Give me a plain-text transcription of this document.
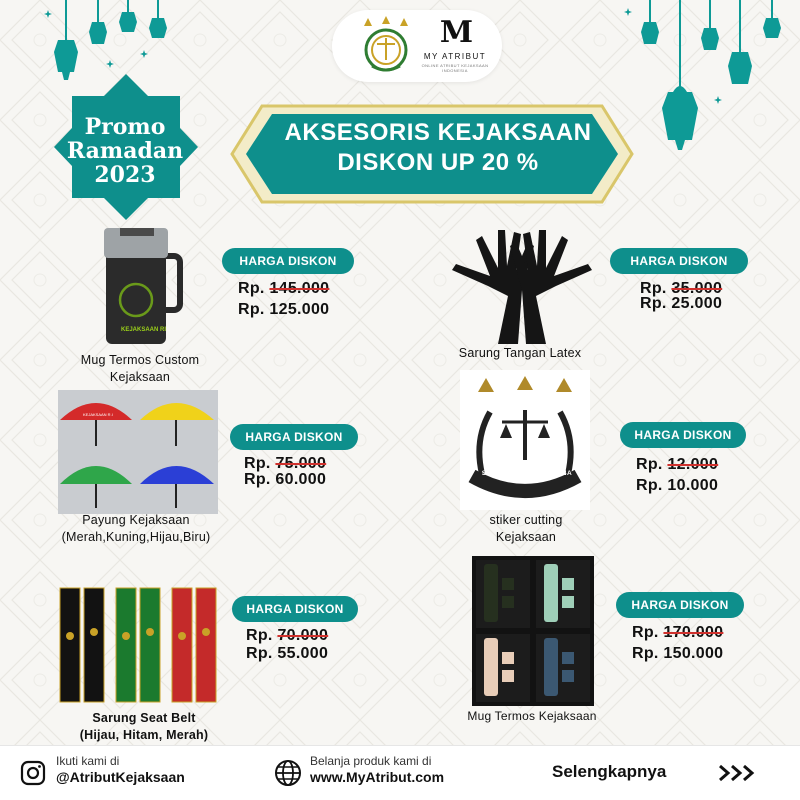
M
MY ATRIBUT
ONLINE ATRIBUT KEJAKSAAN INDONESIA
Promo
Ramadan
2023
AKSESORIS KEJAKSAAN
DISKON UP 20 %
KEJAKSAAN RI
Mug Termos Custom
Kejaksaan
HARGA DISKON
Rp. 145.000
Rp. 125.000
Sarung Tangan Latex
HARGA DISKON
Rp. 35.000
Rp. 25.000
KEJAKSAAN R.I
Payung Kejaksaan
(Merah,Kuning,Hijau,Biru)
HARGA DISKON
Rp. 75.000
Rp. 60.000	SATYA ADHI WICAKSANA
stiker cutting
Kejaksaan
HARGA DISKON
Rp. 12.000
Rp. 10.000
Sarung Seat Belt
(Hijau, Hitam, Merah)
HARGA DISKON
Rp. 70.000
Rp. 55.000
Mug Termos Kejaksaan
HARGA DISKON
Rp. 170.000
Rp. 150.000
Ikuti kami di
@AtributKejaksaan
Belanja produk kami di
www.MyAtribut.com	Selengkapnya
